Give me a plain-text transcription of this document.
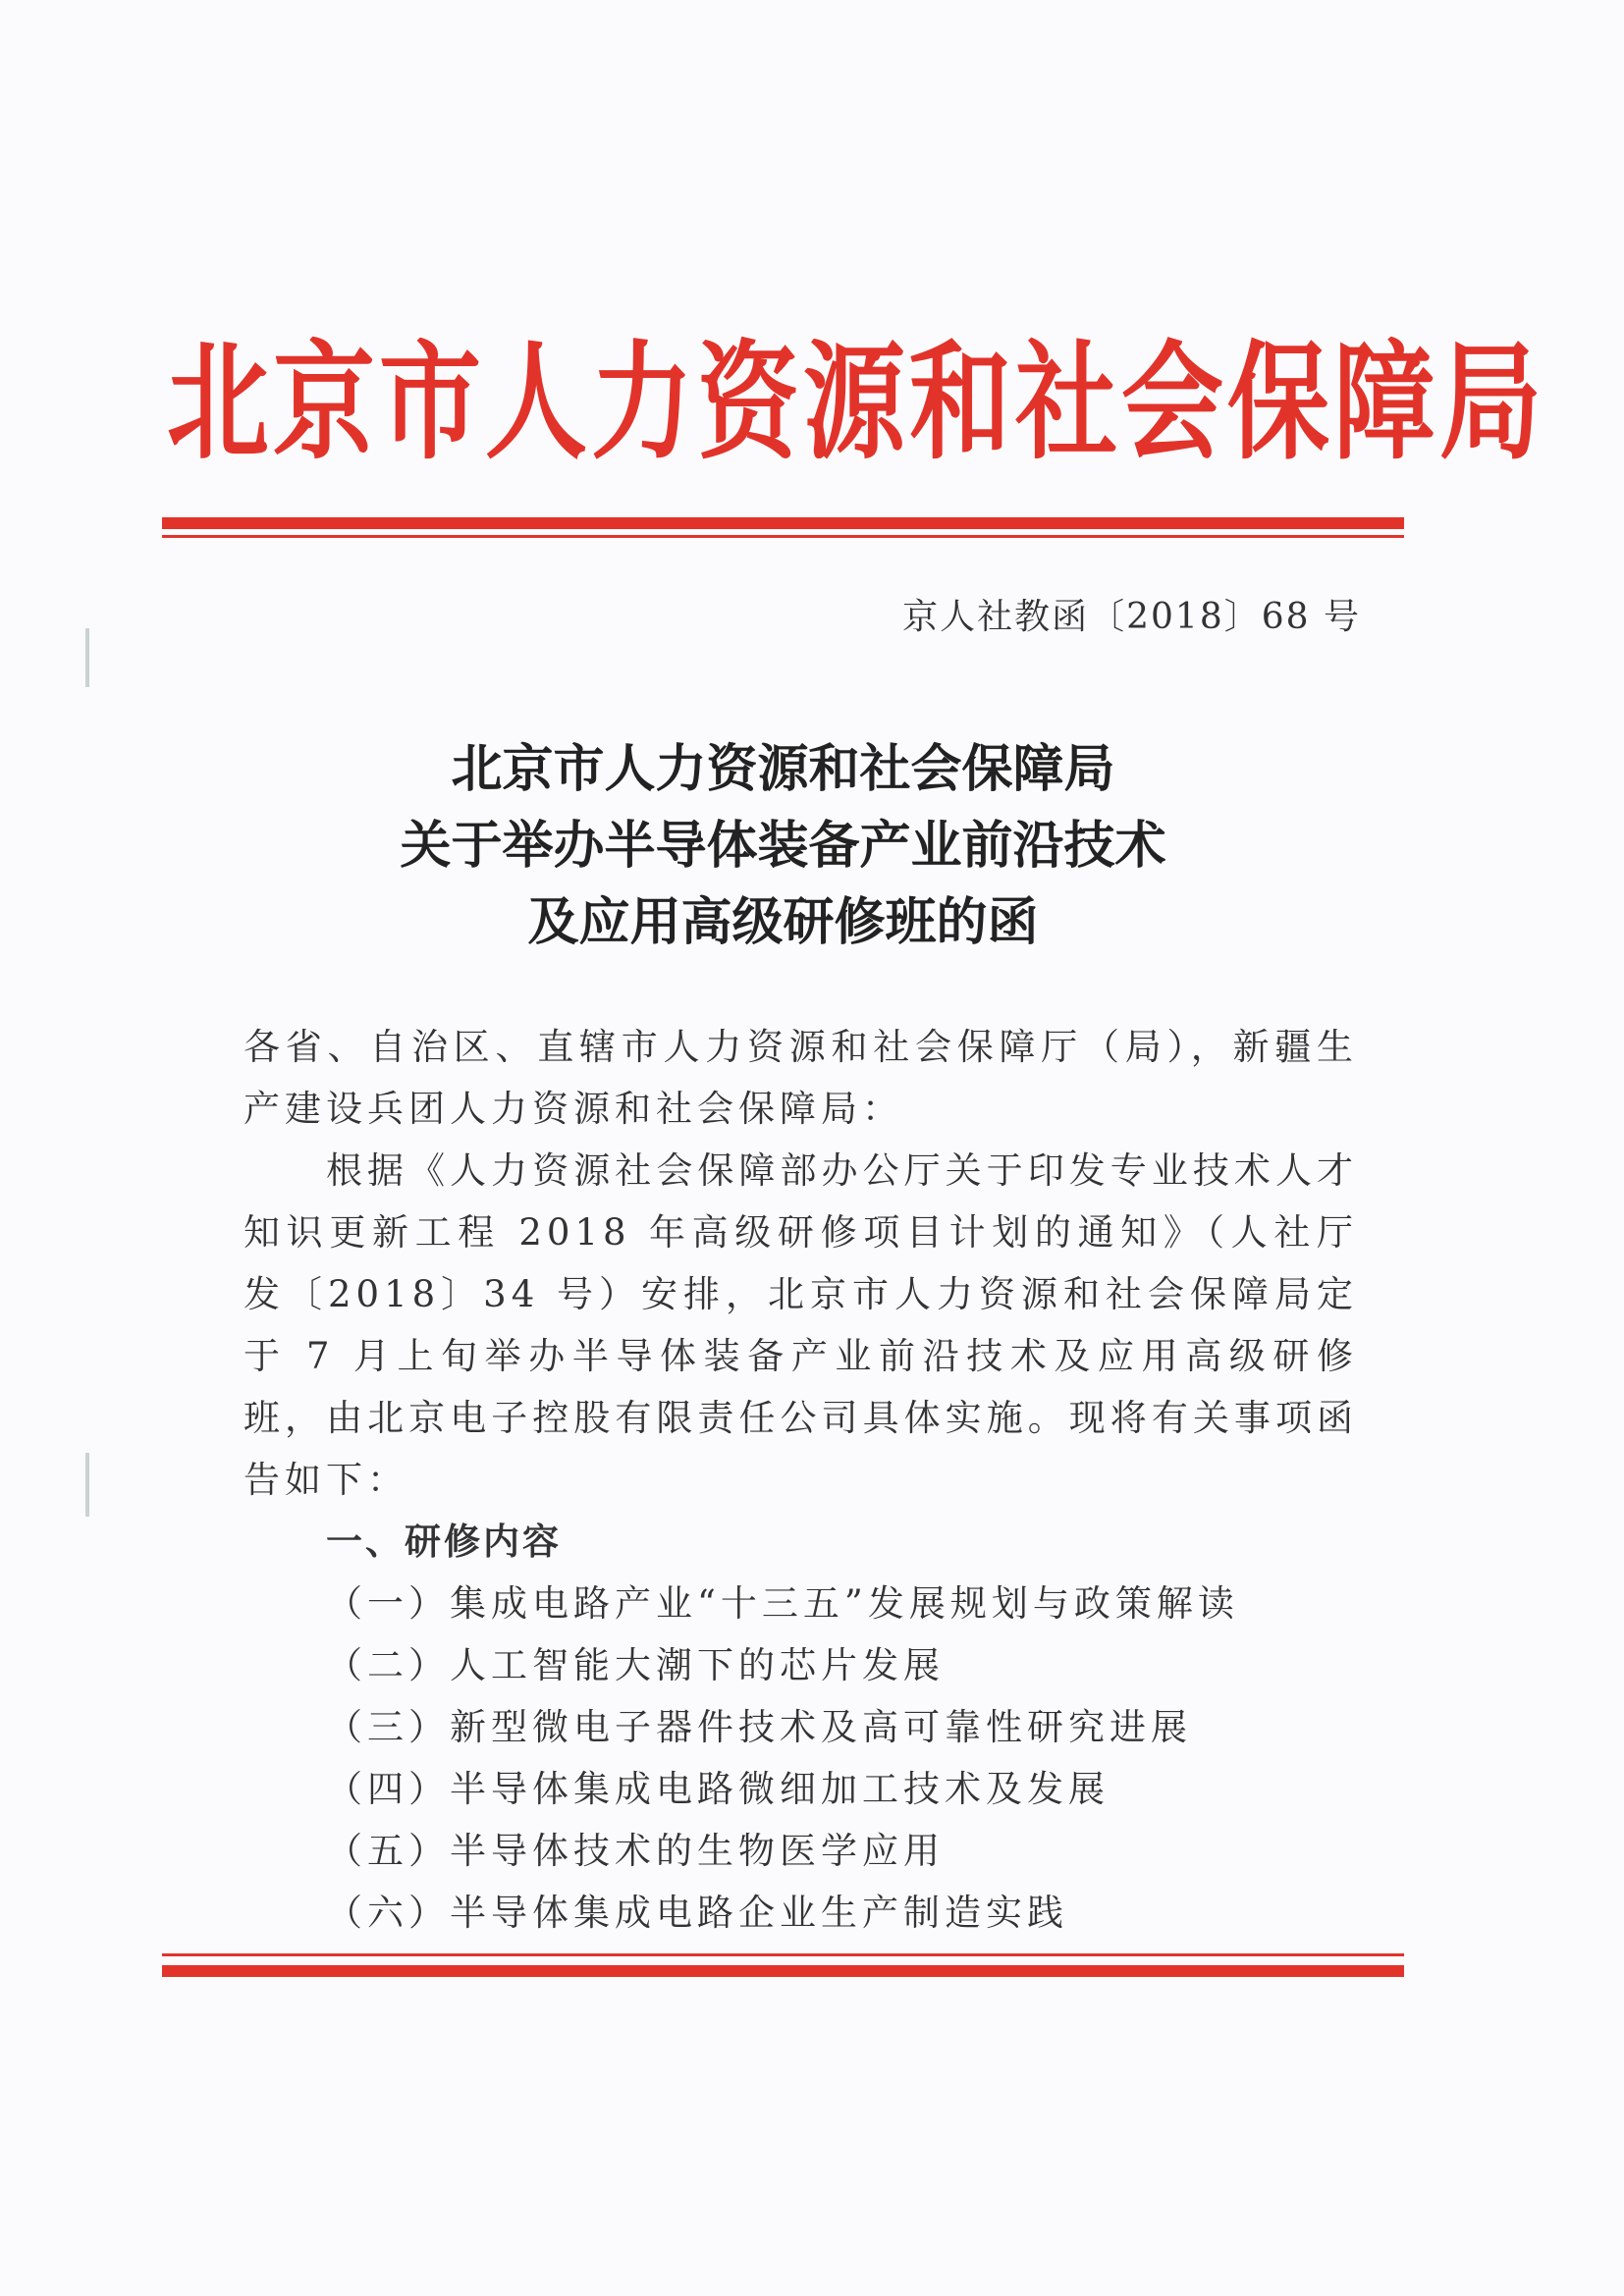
北京市人力资源和社会保障局
京人社教函〔2018〕68 号
北京市人力资源和社会保障局
关于举办半导体装备产业前沿技术
及应用高级研修班的函

各省、自治区、直辖市人力资源和社会保障厅（局），新疆生产建设兵团人力资源和社会保障局：

根据《人力资源社会保障部办公厅关于印发专业技术人才知识更新工程 2018 年高级研修项目计划的通知》（人社厅发〔2018〕34 号）安排，北京市人力资源和社会保障局定于 7 月上旬举办半导体装备产业前沿技术及应用高级研修班，由北京电子控股有限责任公司具体实施。现将有关事项函告如下：

一、研修内容

（一）集成电路产业“十三五”发展规划与政策解读

（二）人工智能大潮下的芯片发展

（三）新型微电子器件技术及高可靠性研究进展

（四）半导体集成电路微细加工技术及发展

（五）半导体技术的生物医学应用

（六）半导体集成电路企业生产制造实践
